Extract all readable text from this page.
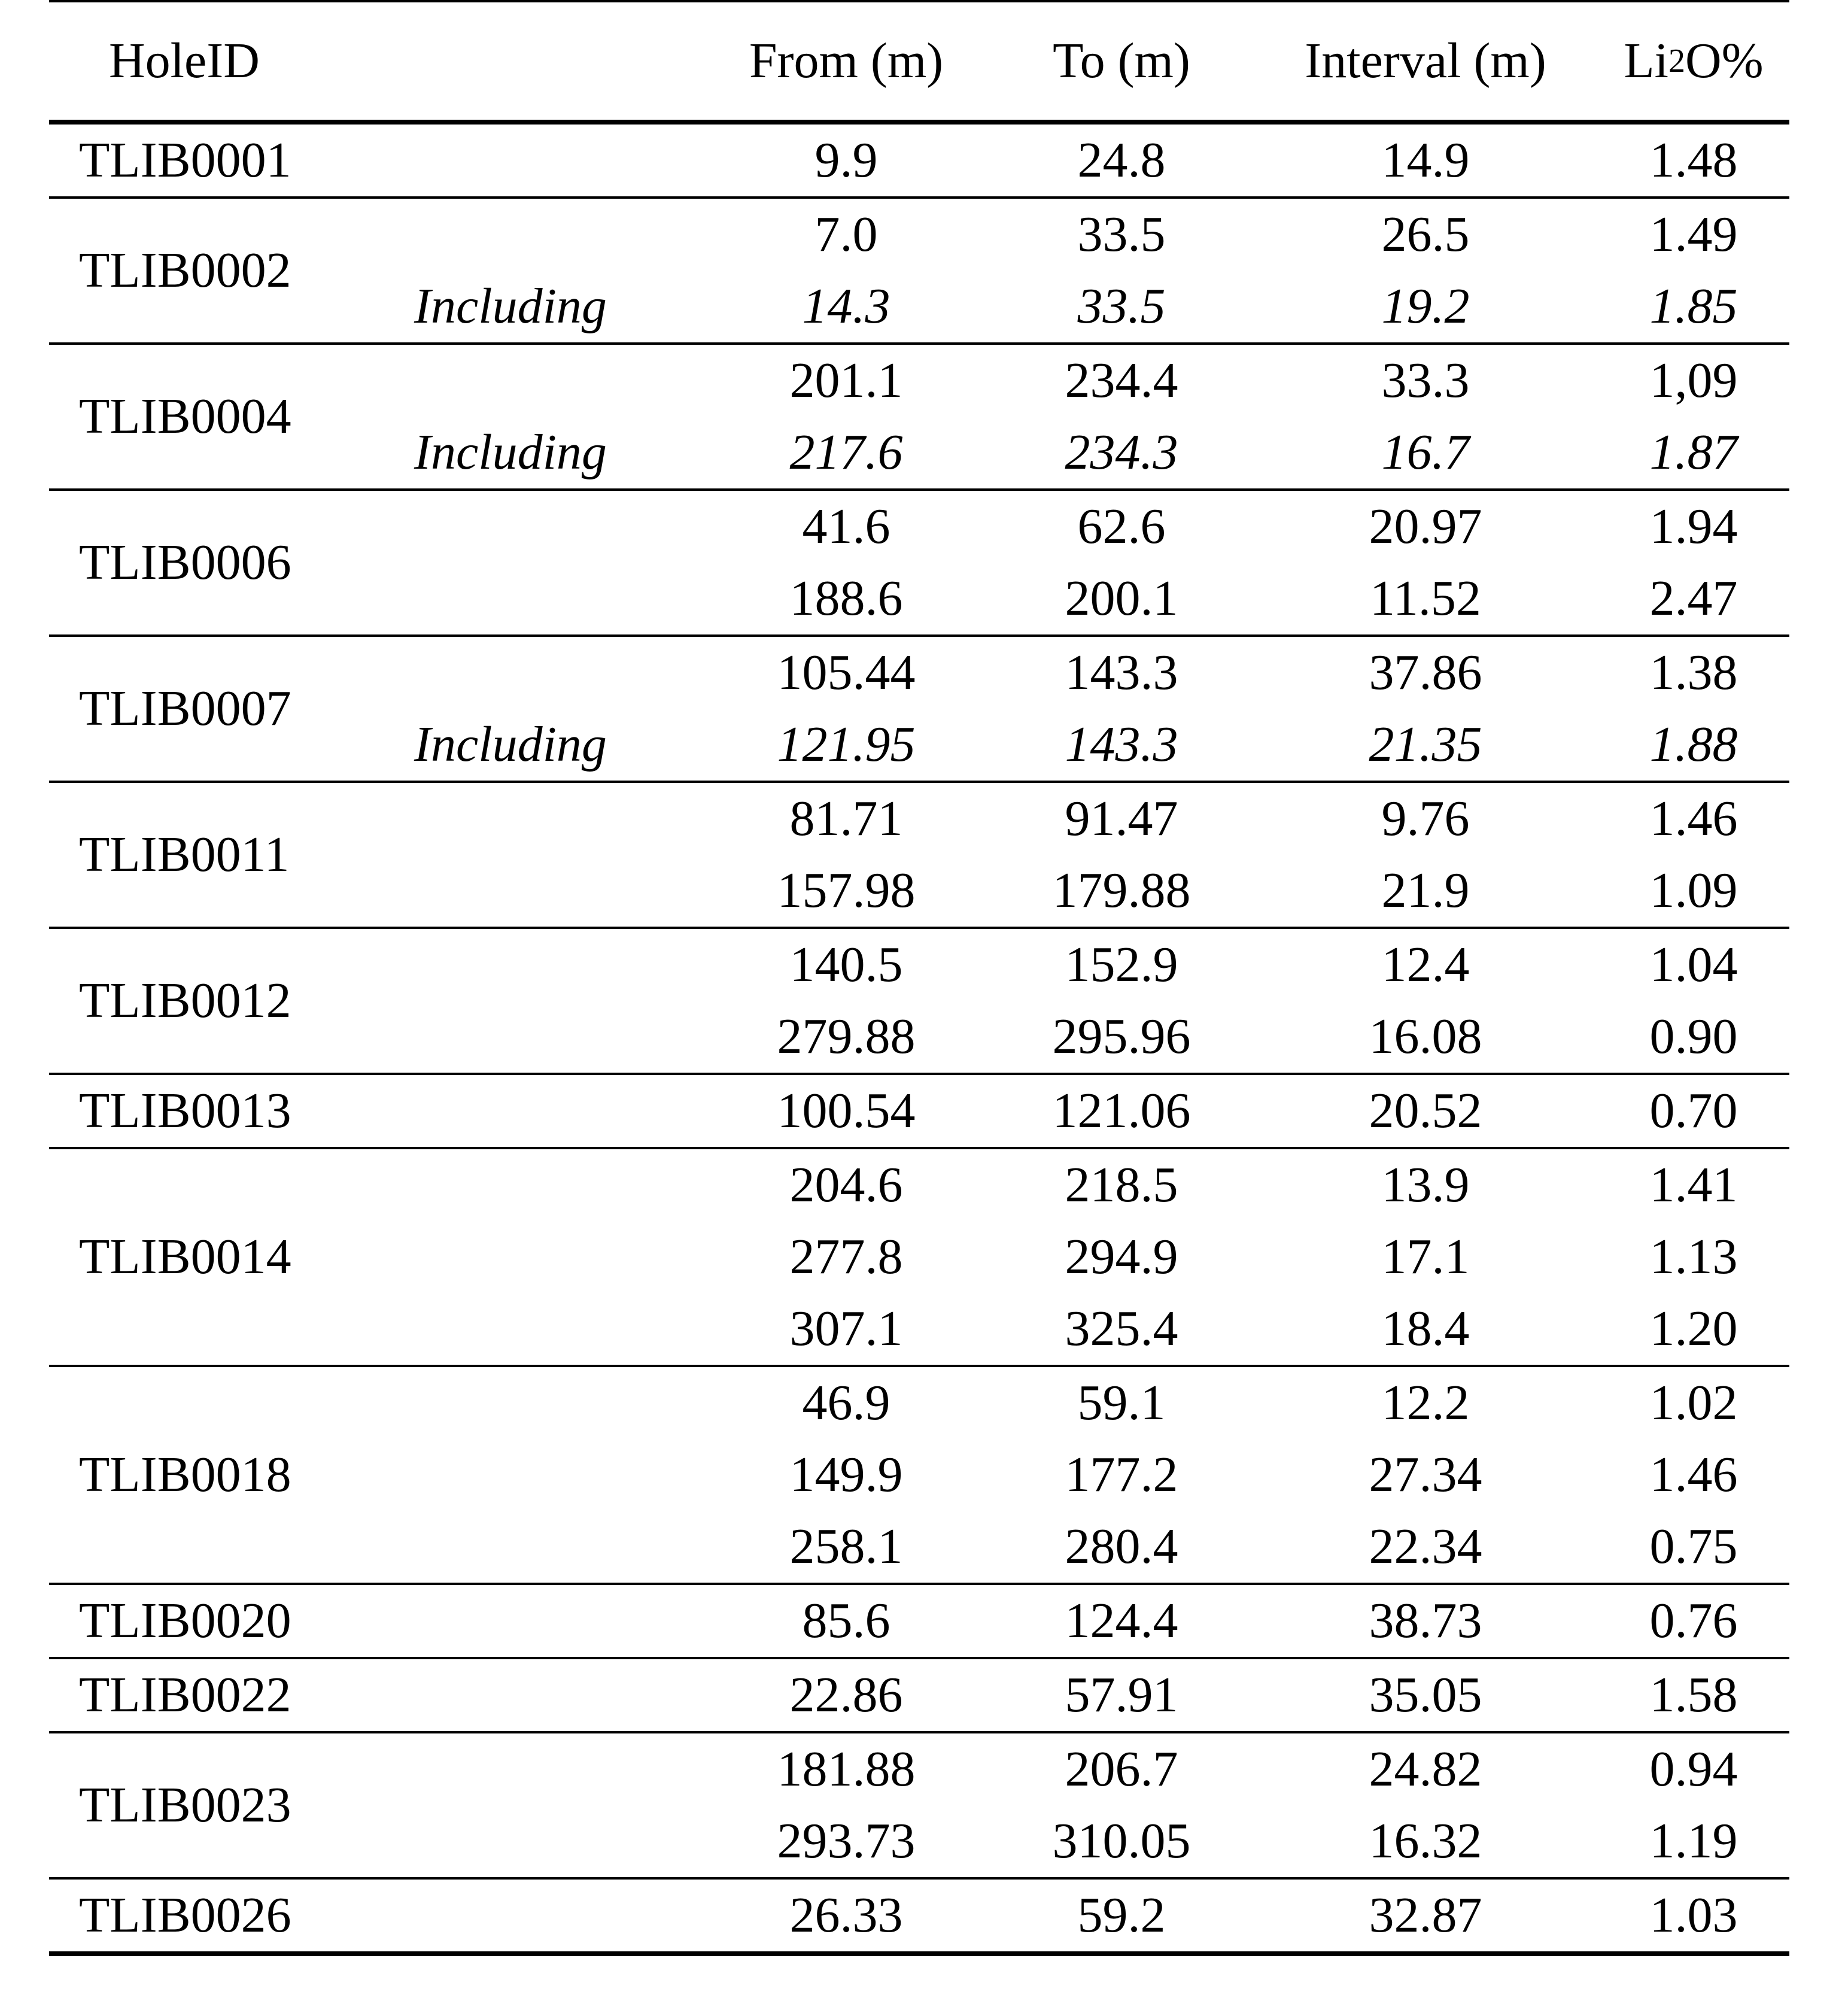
HoleID	From (m)	To (m)	Interval (m) Li 2 O%
TLIB0001	9.9	24.8	14.9	1.48
TLIB0002
7.0	33.5	26.5	1.49
Including	14.3	33.5	19.2	1.85
TLIB0004
201.1	234.4	33.3	1,09
Including	217.6	234.3	16.7	1.87
TLIB0006
41.6	62.6	20.97	1.94
188.6	200.1	11.52	2.47
TLIB0007
105.44	143.3	37.86	1.38
Including	121.95	143.3	21.35	1.88
TLIB0011
81.71	91.47	9.76	1.46
157.98	179.88	21.9	1.09
TLIB0012
140.5	152.9	12.4	1.04
279.88	295.96	16.08	0.90
TLIB0013	100.54	121.06	20.52	0.70
TLIB0014
204.6	218.5	13.9	1.41
277.8	294.9	17.1	1.13
307.1	325.4	18.4	1.20
TLIB0018
46.9	59.1	12.2	1.02
149.9	177.2	27.34	1.46
258.1	280.4	22.34	0.75
TLIB0020	85.6	124.4	38.73	0.76
TLIB0022	22.86	57.91	35.05	1.58
TLIB0023
181.88	206.7	24.82	0.94
293.73	310.05	16.32	1.19
TLIB0026	26.33	59.2	32.87	1.03
